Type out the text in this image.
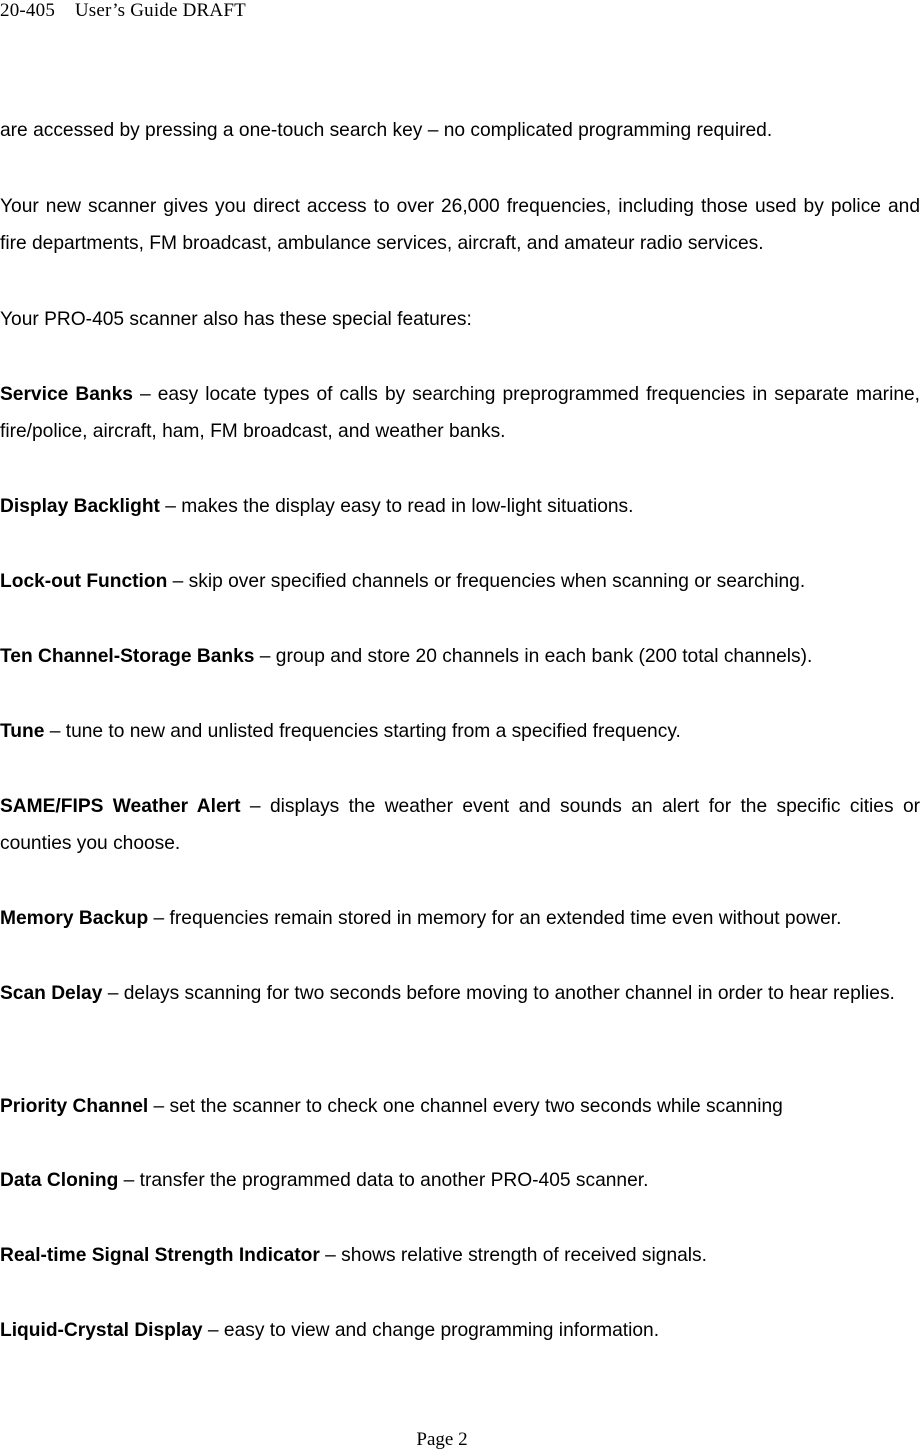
20-405    User’s Guide DRAFT

are accessed by pressing a one-touch search key – no complicated programming required.

Your new scanner gives you direct access to over 26,000 frequencies, including those used by police and fire departments, FM broadcast, ambulance services, aircraft, and amateur radio services.

Your PRO-405 scanner also has these special features:

Service Banks – easy locate types of calls by searching preprogrammed frequencies in separate marine, fire/police, aircraft, ham, FM broadcast, and weather banks.

Display Backlight – makes the display easy to read in low-light situations.

Lock-out Function – skip over specified channels or frequencies when scanning or searching.

Ten Channel-Storage Banks – group and store 20 channels in each bank (200 total channels).

Tune – tune to new and unlisted frequencies starting from a specified frequency.

SAME/FIPS Weather Alert – displays the weather event and sounds an alert for the specific cities or counties you choose.

Memory Backup – frequencies remain stored in memory for an extended time even without power.

Scan Delay – delays scanning for two seconds before moving to another channel in order to hear replies.

Priority Channel – set the scanner to check one channel every two seconds while scanning

Data Cloning – transfer the programmed data to another PRO-405 scanner.

Real-time Signal Strength Indicator – shows relative strength of received signals.

Liquid-Crystal Display – easy to view and change programming information.

Page 2
